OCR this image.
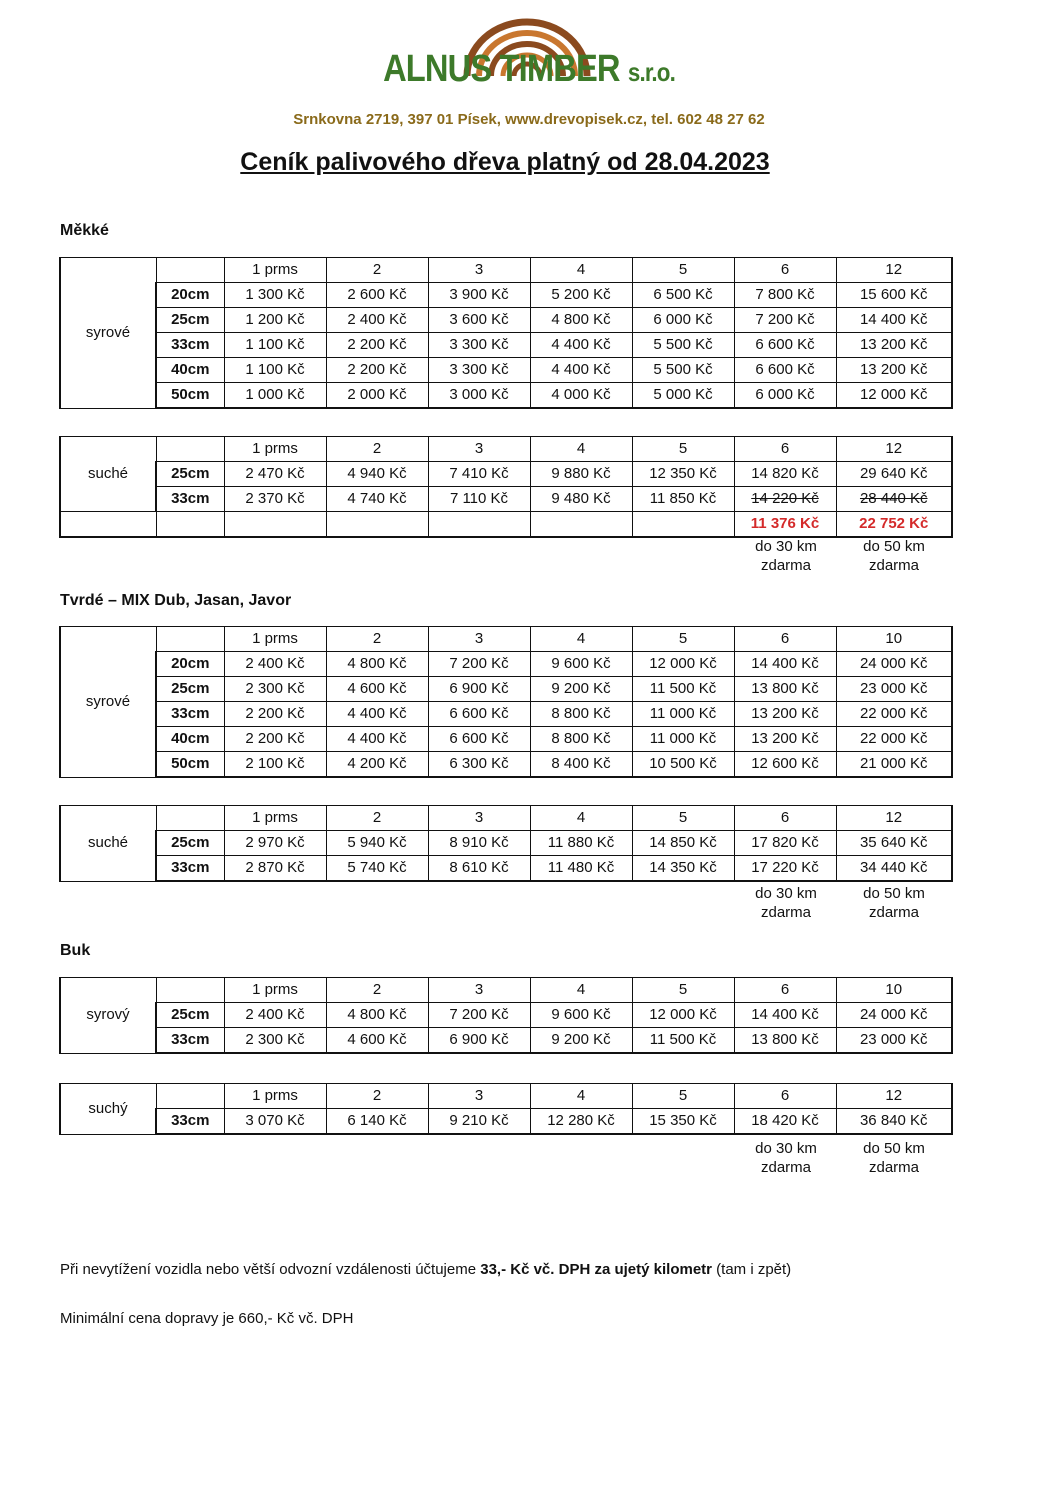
ALNUS TIMBER s.r.o.
Srnkovna 2719, 397 01 Písek, www.drevopisek.cz, tel. 602 48 27 62
Ceník palivového dřeva platný od 28.04.2023
Měkké
syrové		1 prms	2	3	4	5	6	12
	20cm	1 300 Kč	2 600 Kč	3 900 Kč	5 200 Kč	6 500 Kč	7 800 Kč	15 600 Kč
	25cm	1 200 Kč	2 400 Kč	3 600 Kč	4 800 Kč	6 000 Kč	7 200 Kč	14 400 Kč
	33cm	1 100 Kč	2 200 Kč	3 300 Kč	4 400 Kč	5 500 Kč	6 600 Kč	13 200 Kč
	40cm	1 100 Kč	2 200 Kč	3 300 Kč	4 400 Kč	5 500 Kč	6 600 Kč	13 200 Kč
	50cm	1 000 Kč	2 000 Kč	3 000 Kč	4 000 Kč	5 000 Kč	6 000 Kč	12 000 Kč
suché		1 prms	2	3	4	5	6	12
	25cm	2 470 Kč	4 940 Kč	7 410 Kč	9 880 Kč	12 350 Kč	14 820 Kč	29 640 Kč
	33cm	2 370 Kč	4 740 Kč	7 110 Kč	9 480 Kč	11 850 Kč	14 220 Kč	28 440 Kč
							11 376 Kč	22 752 Kč
do 30 km
zdarma
do 50 km
zdarma
Tvrdé – MIX Dub, Jasan, Javor
syrové		1 prms	2	3	4	5	6	10
	20cm	2 400 Kč	4 800 Kč	7 200 Kč	9 600 Kč	12 000 Kč	14 400 Kč	24 000 Kč
	25cm	2 300 Kč	4 600 Kč	6 900 Kč	9 200 Kč	11 500 Kč	13 800 Kč	23 000 Kč
	33cm	2 200 Kč	4 400 Kč	6 600 Kč	8 800 Kč	11 000 Kč	13 200 Kč	22 000 Kč
	40cm	2 200 Kč	4 400 Kč	6 600 Kč	8 800 Kč	11 000 Kč	13 200 Kč	22 000 Kč
	50cm	2 100 Kč	4 200 Kč	6 300 Kč	8 400 Kč	10 500 Kč	12 600 Kč	21 000 Kč
suché		1 prms	2	3	4	5	6	12
	25cm	2 970 Kč	5 940 Kč	8 910 Kč	11 880 Kč	14 850 Kč	17 820 Kč	35 640 Kč
	33cm	2 870 Kč	5 740 Kč	8 610 Kč	11 480 Kč	14 350 Kč	17 220 Kč	34 440 Kč
do 30 km
zdarma
do 50 km
zdarma
Buk
syrový		1 prms	2	3	4	5	6	10
	25cm	2 400 Kč	4 800 Kč	7 200 Kč	9 600 Kč	12 000 Kč	14 400 Kč	24 000 Kč
	33cm	2 300 Kč	4 600 Kč	6 900 Kč	9 200 Kč	11 500 Kč	13 800 Kč	23 000 Kč
suchý		1 prms	2	3	4	5	6	12
	33cm	3 070 Kč	6 140 Kč	9 210 Kč	12 280 Kč	15 350 Kč	18 420 Kč	36 840 Kč
do 30 km
zdarma
do 50 km
zdarma
Při nevytížení vozidla nebo větší odvozní vzdálenosti účtujeme 33,- Kč vč. DPH za ujetý kilometr (tam i zpět)
Minimální cena dopravy je 660,- Kč vč. DPH
